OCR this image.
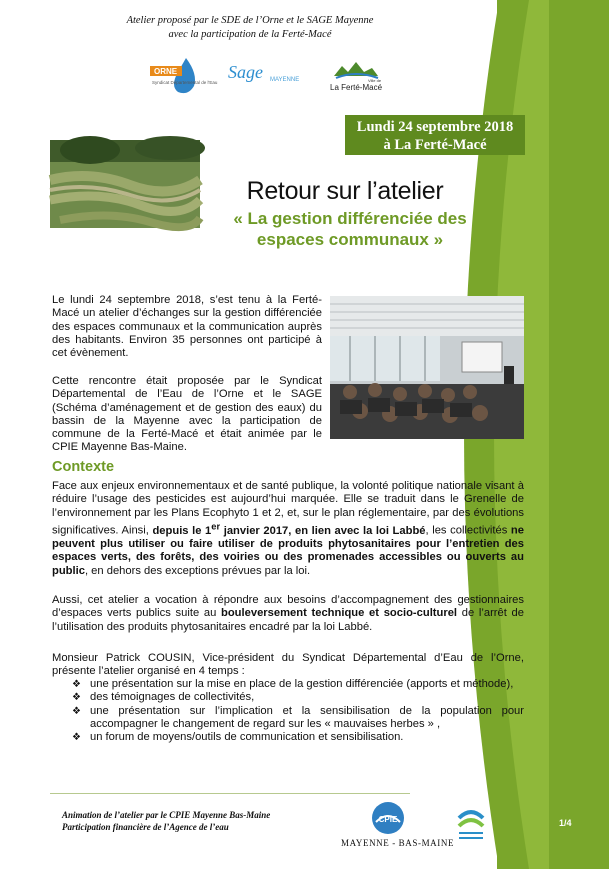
Atelier proposé par le SDE de l’Orne et le SAGE Mayenne
avec la participation de la Ferté-Macé
ORNE
Syndicat Départemental de l'Eau
Sage MAYENNE	Ville de
La Ferté-Macé
Lundi 24 septembre 2018
à La Ferté-Macé
Retour sur l’atelier
« La gestion différenciée des
espaces communaux »
Le lundi 24 septembre 2018, s’est tenu à la Ferté-Macé un atelier d’échanges sur la gestion différenciée des espaces communaux et la communication auprès des habitants. Environ 35 personnes ont participé à cet évènement.
Cette rencontre était proposée par le Syndicat Départemental de l’Eau de l’Orne et le SAGE (Schéma d’aménagement et de gestion des eaux) du bassin de la Mayenne avec la participation de commune de la Ferté-Macé et était animée par le CPIE Mayenne Bas-Maine.
Contexte
Face aux enjeux environnementaux et de santé publique, la volonté politique nationale visant à réduire l’usage des pesticides est aujourd’hui marquée. Elle se traduit dans le Grenelle de l’environnement par les Plans Ecophyto 1 et 2, et, sur le plan réglementaire, par des évolutions significatives. Ainsi, depuis le 1er janvier 2017, en lien avec la loi Labbé, les collectivités ne peuvent plus utiliser ou faire utiliser de produits phytosanitaires pour l’entretien des espaces verts, des forêts, des voiries ou des promenades accessibles ou ouverts au public, en dehors des exceptions prévues par la loi.
Aussi, cet atelier a vocation à répondre aux besoins d’accompagnement des gestionnaires d’espaces verts publics suite au bouleversement technique et socio-culturel de l’arrêt de l’utilisation des produits phytosanitaires encadré par la loi Labbé.
Monsieur Patrick COUSIN, Vice-président du Syndicat Départemental d’Eau de l’Orne, présente l’atelier organisé en 4 temps :
❖ une présentation sur la mise en place de la gestion différenciée (apports et méthode),
❖ des témoignages de collectivités,
❖ une présentation sur l’implication et la sensibilisation de la population pour accompagner le changement de regard sur les « mauvaises herbes » ,
❖ un forum de moyens/outils de communication et sensibilisation.
Animation de l’atelier par le CPIE Mayenne Bas-Maine
Participation financière de l’Agence de l’eau
CPIE
MAYENNE - BAS-MAINE
1/4
